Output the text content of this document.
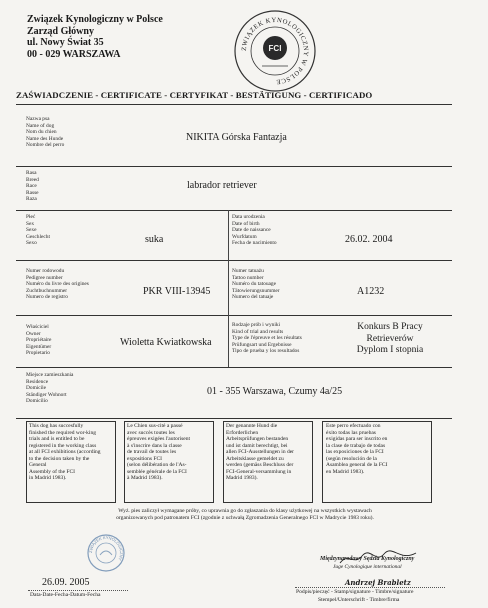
Związek Kynologiczny w Polsce
Zarząd Główny
ul. Nowy Świat 35
00 - 029 WARSZAWA	ZWIĄZEK KYNOLOGICZNY W POLSCE
FCI
ZAŚWIADCZENIE - CERTIFICATE - CERTYFIKAT - BESTÄTIGUNG - CERTIFICADO
Nazwa psa
Name of dog
Nom du chien
Name des Hunde
Nombre del perro
NIKITA Górska Fantazja
Rasa
Breed
Race
Rasse
Raza
labrador retriever
Płeć
Sex
Sexe
Geschlecht
Sexo	suka
Data urodzenia
Date of birth
Date de naissance
Wurfdatum
Fecha de nacimiento	26.02. 2004
Numer rodowodu
Pedigree number
Numéro du livre des origines
Zuchtbuchnummer
Numero de registro
PKR VIII-13945
Numer tatuażu
Tattoo number
Numéro du tatouage
Tätowierungsnummer
Numero del tatuaje
A1232
Właściciel
Owner
Propriétaire
Eigentümer
Propietario
Wioletta Kwiatkowska
Rodzaje prób i wyniki
Kind of trial and results
Type de l'épreuve et les résultats
Prüfungsart und Ergebnisse
Tipo de prueba y los resultados
Konkurs B Pracy
Retrieverów
Dyplom I stopnia
Miejsce zamieszkania
Residence
Domicile
Ständiger Wohnort
Domicilio
01 - 355 Warszawa, Czumy 4a/25
This dog has succesfully
finished the required wor-king
trials and is entitled to be
registered in the working class
at all FCI exhibitions (according
to the decision taken by the
General
Assembly of the FCI
in Madrid 1983).
Le Chien sus-cité a passé
avec succès toutes les
épreuves exigées l'autorisent
à s'inscrire dans la classe
de travail de toutes les
expositions FCI
(selon délibération de l'As-
semblée générale de la FCI
à Madrid 1983).
Der genannte Hund die
Erforderlichen
Arbeitsprüfungen bestanden
und ist damit berechtigt, bei
allen FCI-Ausstellungen in der
Arbeitsklasse gemeldet zu
werden (gemäss Beschluss der
FCI-General-versammlung in
Madrid 1983).
Este perro efectuado con
éxito todas las pruebas
exigidas para ser inscrito en
la clase de trabajo de todas
las exposiciones de la FCI
(según resolución de la
Asamblea general de la FCI
en Madrid 1983).
Wyż. pies zaliczył wymagane próby, co uprawnia go do zgłaszania do klasy użytkowej na wszystkich wystawach
organizowanych pod patronatem FCI (zgodnie z uchwałą Zgromadzenia Generalnego FCI w Madrycie 1983 roku).
ZWIĄZEK KYNOLOGICZNY
26.09. 2005
Data-Date-Fecha-Datum-Fecha
Międzynarodowy Sędzia Kynologiczny
Juge Cynologique international
Andrzej Brabletz
Podpis/pieczęć - Stamp/signature - Timbre/signature
Stempel/Unterschrift - Timbre/firma
